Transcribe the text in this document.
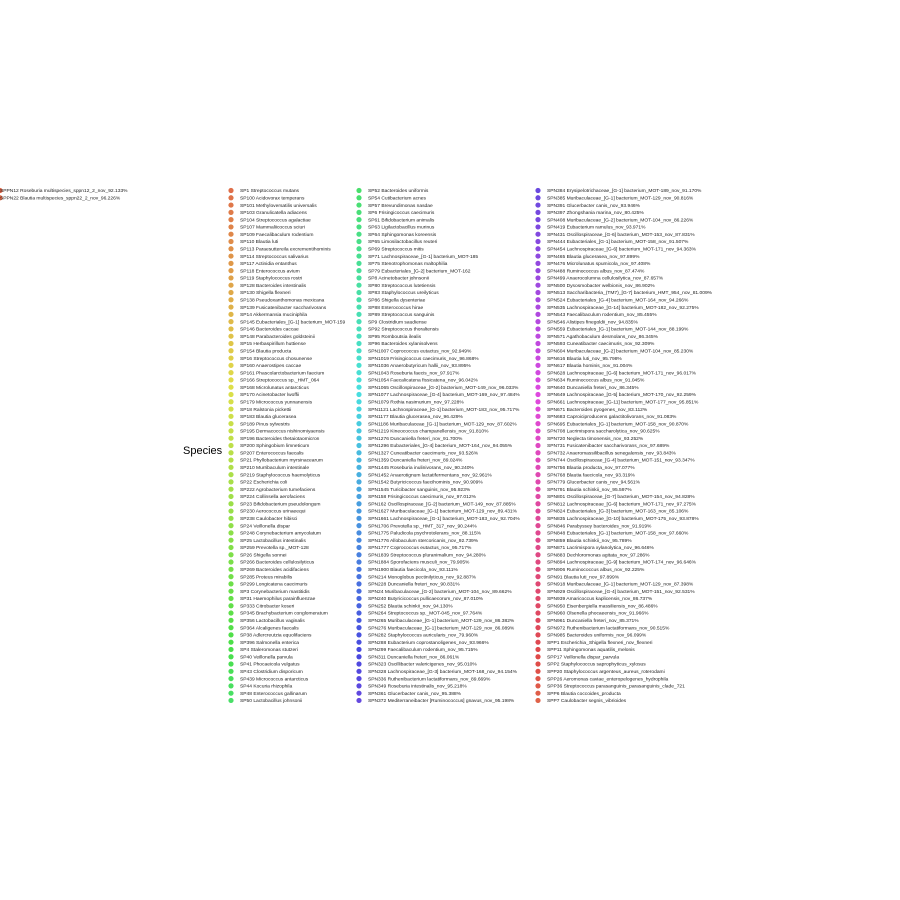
Species
SP1 Streptococcus mutans
SP100 Acidovorax temperans
SP101 Methyloversatilis universalis
SP103 Granulicatella adiacens
SP104 Streptococcus agalactiae
SP107 Mammaliicoccus sciuri
SP109 Faecalibaculum rodentium
SP110 Blautia luti
SP113 Paraesuttereila excrementihominis
SP114 Streptococcus salivarius
SP117 Actinidia entanthus
SP118 Enterococcus avium
SP119 Staphylococcus rostri
SP128 Bacteroides intestinalis
SP130 Shigella flexneri
SP138 Pseudoxanthomonas mexicana
SP139 Fusicatenibacter saccharivorans
SP14 Akkermansia muciniphila
SP145 Eubacteriales_[G-1] bacterium_MOT-159
SP146 Bacteroides caccae
SP148 Parabacteroides goldsteinii
SP15 Herbaspirillum huttiense
SP154 Blautia producta
SP16 Streptococcus chosunense
SP160 Anaerostipes caccae
SP161 Phascolarctobacterium faecium
SP166 Streptococcus sp._HMT_064
SP168 Microlunatus antarcticus
SP170 Acinetobacter lwoffii
SP179 Micrococcus yunnanensis
SP18 Ralstonia pickettii
SP183 Blautia glucerasea
SP189 Pinus sylvestris
SP195 Dermacoccus nishinomiyaensis
SP196 Bacteroides thetaiotaomicron
SP200 Sphingobium limneticum
SP207 Enterococcus faecalis
SP21 Phyllobacterium myrsinacearum
SP210 Murribaculum intestinale
SP219 Staphylococcus haemolyticus
SP22 Escherichia coli
SP222 Agrobacterium tumefaciens
SP224 Collinsella aerofaciens
SP23 Bifidobacterium pseudolongum
SP230 Aerococcus urinaeequi
SP238 Caulobacter hibisci
SP24 Veillonella dispar
SP248 Corynebacterium amycolatum
SP25 Lactobacillus intestinalis
SP259 Prevotella sp._MOT-128
SP26 Shigella sonnei
SP266 Bacteroides cellulosilyticus
SP269 Bacteroides acidifaciens
SP285 Proteus mirabilis
SP299 Longicatena caecimuris
SP3 Corynebacterium mastitidis
SP31 Haemophilus parainfluenzae
SP333 Citrobacter koseri
SP345 Brachybacterium conglomeratum
SP356 Lactobacillus vaginalis
SP364 Alcaligenes faecalis
SP38 Adlercreutzia equolifaciens
SP396 Salmonella enterica
SP4 Staleromonas stutzeri
SP40 Veillonella parvula
SP41 Phocaeicola vulgatus
SP43 Clostridium disporicum
SP439 Micrococcus antarcticus
SP44 Kocuria rhizophila
SP48 Enterococcus gallinarum
SP50 Lactobacillus johnsonii
SP52 Bacteroides uniformis
SP54 Cutibacterium acnes
SP57 Brevundimonas nasdae
SP6 Frisingicoccus caecimuris
SP61 Bifidobacterium animalis
SP63 Ligilactobacillus murinus
SP64 Sphingomonas koreensis
SP65 Limosilactobacillus reuteri
SP69 Streptococcus mitis
SP71 Lachnospiraceae_[G-1] bacterium_MOT-185
SP75 Stenotrophomonas maltophilia
SP79 Eubacteriales_[G-2] bacterium_MOT-162
SP8 Acinetobacter johnsonii
SP80 Streptococcus lutetiensis
SP83 Staphylococcus ureilyticus
SP86 Shigella dysenteriae
SP88 Enterococcus hirae
SP89 Streptococcus sanguinis
SP9 Clostridium saudiense
SP92 Streptococcus thoraltensis
SP95 Romboutsia ilealis
SP96 Bacteroides xylanisolvens
SPN1007 Coprococcus eutactus_nov_92.949%
SPN1019 Frisingicoccus caecimuris_nov_96.868%
SPN1036 Anaerobutyricum hallii_nov_93.895%
SPN1043 Roseburia faecis_nov_97.917%
SPN1054 Faecalicatena fissicatena_nov_96.042%
SPN1065 Oscillospiraceae_[G-2] bacterium_MOT-149_nov_96.033%
SPN1077 Lachnospiraceae_[G-4] bacterium_MOT-169_nov_97.484%
SPN1079 Rothia nasimurium_nov_97.228%
SPN1121 Lachnospiraceae_[G-1] bacterium_MOT-183_nov_95.717%
SPN1177 Blautia glucerasea_nov_96.429%
SPN1186 Muribaculaceae_[G-1] bacterium_MOT-129_nov_87.602%
SPN1219 Kineococcus champanellensis_nov_91.810%
SPN1276 Duncaniella freteri_nov_91.700%
SPN1296 Eubacteriales_[G-4] bacterium_MOT-164_nov_94.055%
SPN1327 Cuneatibacter caecimuris_nov_93.526%
SPN1359 Duncaniella freteri_nov_89.024%
SPN1445 Roseburia inulinivorans_nov_90.240%
SPN1452 Anaerotignum lactatifermentans_nov_92.961%
SPN1542 Butyricicoccus faecihominis_nov_90.909%
SPN1545 Turicibacter sanguinis_nov_95.923%
SPN158 Frisingicoccus caecimuris_nov_97.012%
SPN162 Oscillospiraceae_[G-2] bacterium_MOT-149_nov_87.885%
SPN1627 Muribaculaceae_[G-1] bacterium_MOT-129_nov_89.431%
SPN1661 Lachnospiraceae_[G-1] bacterium_MOT-183_nov_92.704%
SPN1706 Prevotella sp._HMT_317_nov_90.244%
SPN1775 Paludicola psychrotolerans_nov_88.115%
SPN1776 Allobaculum stercoricanis_nov_92.739%
SPN1777 Coprococcus eutactus_nov_95.717%
SPN1839 Streptococcus pluranimalium_nov_94.280%
SPN1884 Sporofaciens musculi_nov_79.905%
SPN1900 Blautia faecicola_nov_93.111%
SPN214 Monoglobus pectinilyticus_nov_92.887%
SPN228 Duncaniella freteri_nov_90.831%
SPN24 Muribaculaceae_[G-2] bacterium_MOT-104_nov_89.662%
SPN240 Butyricicoccus pullicaecorum_nov_87.010%
SPN252 Blautia schinkii_nov_94.130%
SPN264 Streptococcus sp._MOT-045_nov_97.764%
SPN265 Muribaculaceae_[G-1] bacterium_MOT-129_nov_86.382%
SPN276 Muribaculaceae_[G-1] bacterium_MOT-129_nov_86.089%
SPN282 Staphylococcus auricularis_nov_79.960%
SPN288 Eubacterium coprostanoligenes_nov_93.966%
SPN299 Faecalibaculum rodentium_nov_95.715%
SPN311 Duncaniella freteri_nov_86.061%
SPN323 Oscillibacter valericigenes_nov_95.010%
SPN328 Lachnospiraceae_[G-3] bacterium_MOT-168_nov_94.154%
SPN336 Ruthenibacterium lactatiformans_nov_89.669%
SPN349 Roseburia intestinalis_nov_95.218%
SPN361 Glucerbacter canis_nov_95.388%
SPN372 Mediterraneibacter [Ruminococcus] gnavus_nov_95.198%
SPN384 Erysipelotrichaceae_[G-1] bacterium_MOT-189_nov_91.170%
SPN385 Muribaculaceae_[G-1] bacterium_MOT-129_nov_90.816%
SPN391 Glucerbacter canis_nov_93.946%
SPN397 Zhongshania marina_nov_80.425%
SPN408 Muribaculaceae_[G-2] bacterium_MOT-104_nov_86.226%
SPN419 Eubacterium ramulus_nov_93.971%
SPN431 Oscillospiraceae_[G-6] bacterium_MOT-153_nov_87.831%
SPN444 Eubacteriales_[G-1] bacterium_MOT-158_nov_91.507%
SPN454 Lachnospiraceae_[G-6] bacterium_MOT-171_nov_94.363%
SPN465 Blautia glucerasea_nov_97.899%
SPN476 Microlunatus spumicola_nov_97.408%
SPN488 Ruminococcus albus_nov_87.474%
SPN499 Anaerocolumna cellulosilytica_nov_87.657%
SPN500 Dysosmobacter welbionis_nov_86.902%
SPN513 Saccharibacteria_(TM7)_[G-7] bacterium_HMT_954_nov_81.009%
SPN524 Eubacteriales_[G-4] bacterium_MOT-164_nov_94.266%
SPN535 Lachnospiraceae_[G-14] bacterium_MOT-182_nov_92.275%
SPN543 Faecalibaculum rodentium_nov_85.455%
SPN546 Alistipes finegoldii_nov_94.835%
SPN559 Eubacteriales_[G-1] bacterium_MOT-144_nov_88.199%
SPN571 Agathobaculum desmolans_nov_86.345%
SPN593 Cuneatibacter caecimuris_nov_92.309%
SPN604 Muribaculaceae_[G-2] bacterium_MOT-104_nov_85.230%
SPN616 Blautia luti_nov_95.798%
SPN617 Blautia hominis_nov_91.004%
SPN628 Lachnospiraceae_[G-6] bacterium_MOT-171_nov_96.017%
SPN634 Ruminococcus albus_nov_91.045%
SPN640 Duncaniella freteri_nov_86.345%
SPN649 Lachnospiraceae_[G-5] bacterium_MOT-170_nov_92.259%
SPN661 Lachnospiraceae_[G-11] bacterium_MOT-177_nov_95.851%
SPN671 Bacteroides pyogenes_nov_83.112%
SPN683 Caproiciproducens galactitolivorans_nov_91.083%
SPN695 Eubacteriales_[G-1] bacterium_MOT-158_nov_90.870%
SPN708 Lacrimispora saccharolytica_nov_90.625%
SPN720 Neglecta timonensis_nov_93.252%
SPN731 Fusicatenibacter saccharivorans_nov_97.689%
SPN732 Anaeromassilibacillus senegalensis_nov_93.843%
SPN744 Oscillospiraceae_[G-4] bacterium_MOT-151_nov_93.347%
SPN756 Blautia producta_nov_97.077%
SPN768 Blautia faecicola_nov_93.319%
SPN779 Glucerbacter canis_nov_94.561%
SPN791 Blautia schinkii_nov_95.597%
SPN801 Oscillospiraceae_[G-7] bacterium_MOT-154_nov_94.828%
SPN812 Lachnospiraceae_[G-6] bacterium_MOT-171_nov_97.275%
SPN824 Eubacteriales_[G-3] bacterium_MOT-163_nov_85.106%
SPN835 Lachnospiraceae_[G-10] bacterium_MOT-175_nov_93.878%
SPN846 Parabyssey bacteroides_nov_91.919%
SPN848 Eubacteriales_[G-1] bacterium_MOT-158_nov_97.660%
SPN859 Blautia schinkii_nov_95.789%
SPN871 Lacrimispora xylanolytica_nov_96.646%
SPN883 Dechloromonas agitata_nov_97.286%
SPN894 Lachnospiraceae_[G-9] bacterium_MOT-174_nov_96.646%
SPN906 Ruminococcus albus_nov_92.225%
SPN91 Blautia luti_nov_97.899%
SPN918 Muribaculaceae_[G-1] bacterium_MOT-129_nov_87.398%
SPN929 Oscillospiraceae_[G-4] bacterium_MOT-151_nov_92.531%
SPN939 Amaricoccus kaplicensis_nov_86.737%
SPN950 Eisenbergiella massiliensis_nov_86.486%
SPN960 Olsenella phocaeensis_nov_91.966%
SPN961 Duncaniella freteri_nov_85.371%
SPN972 Ruthenibacterium lactatiformans_nov_90.515%
SPN985 Bacteroides uniformis_nov_96.099%
SPP1 Escherichia_Shigella flexneri_nov_flexneri
SPP11 Sphingomonas aquatilis_melonis
SPP17 Veillonella dispar_parvula
SPP2 Staphylococcus saprophyticus_xylosus
SPP20 Staphylococcus argenteus_aureus_roterodami
SPP26 Aeromonas caviae_enteropelogenes_hydrophila
SPP36 Streptococcus parasanguinis_parasanguinis_clade_721
SPP6 Blautia coccoides_producta
SPP7 Caulobacter segnis_vibrioides
SPPN12 Roseburia multispecies_sppn12_2_nov_92.133%
SPPN22 Blautia multispecies_sppn22_2_nov_96.226%
